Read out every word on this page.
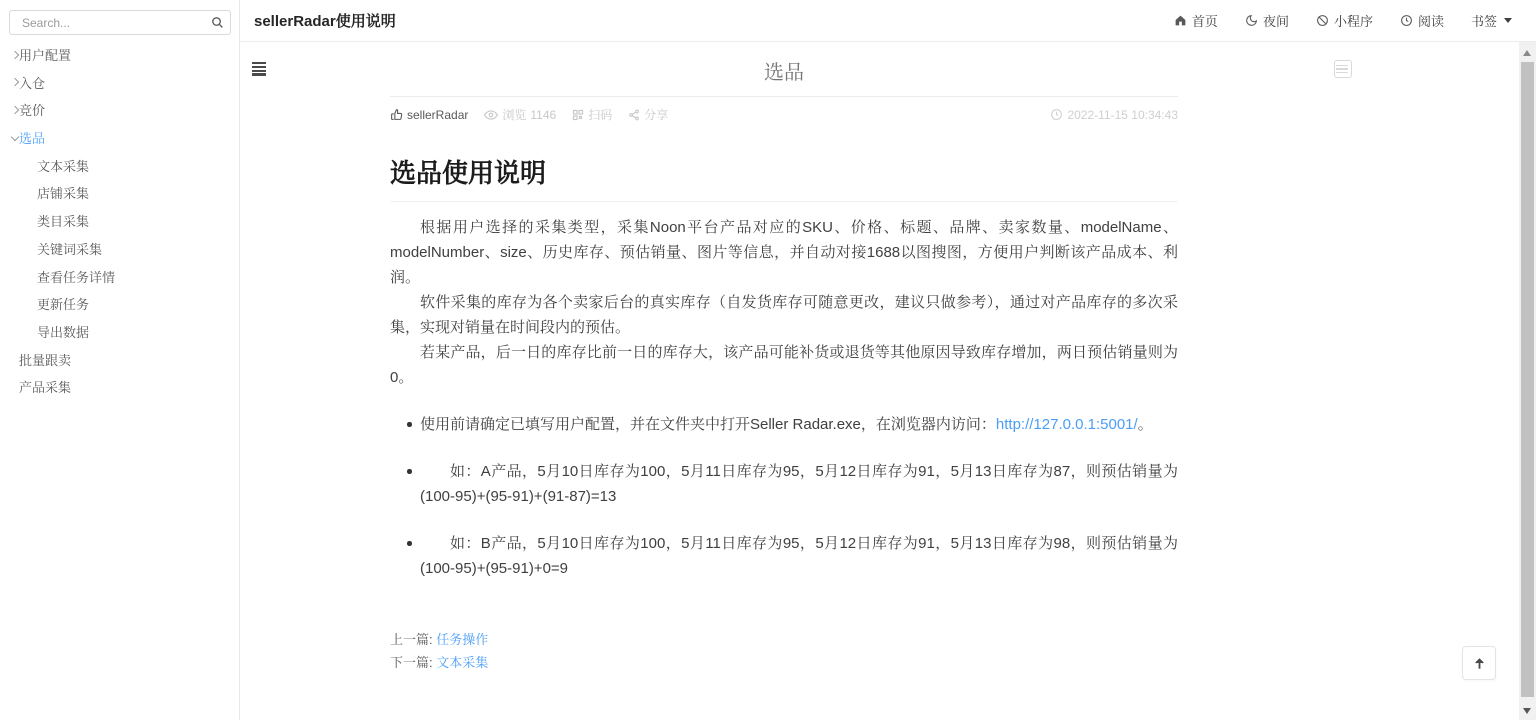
Search...
用户配置
入仓
竞价
选品
文本采集
店铺采集
类目采集
关键词采集
查看任务详情
更新任务
导出数据
批量跟卖
产品采集
sellerRadar使用说明	首页	夜间	小程序	阅读 书签
选品
sellerRadar	浏览 1146	扫码	分享	2022-11-15 10:34:43
选品使用说明

根据用户选择的采集类型，采集Noon平台产品对应的SKU、价格、标题、品牌、卖家数量、modelName、modelNumber、size、历史库存、预估销量、图片等信息，并自动对接1688以图搜图，方便用户判断该产品成本、利润。

软件采集的库存为各个卖家后台的真实库存（自发货库存可随意更改，建议只做参考），通过对产品库存的多次采集，实现对销量在时间段内的预估。

若某产品，后一日的库存比前一日的库存大，该产品可能补货或退货等其他原因导致库存增加，两日预估销量则为0。

使用前请确定已填写用户配置，并在文件夹中打开Seller Radar.exe，在浏览器内访问：http://127.0.0.1:5001/。
如：A产品，5月10日库存为100，5月11日库存为95，5月12日库存为91，5月13日库存为87，则预估销量为(100-95)+(95-91)+(91-87)=13
如：B产品，5月10日库存为100，5月11日库存为95，5月12日库存为91，5月13日库存为98，则预估销量为(100-95)+(95-91)+0=9
上一篇: 任务操作
下一篇: 文本采集
